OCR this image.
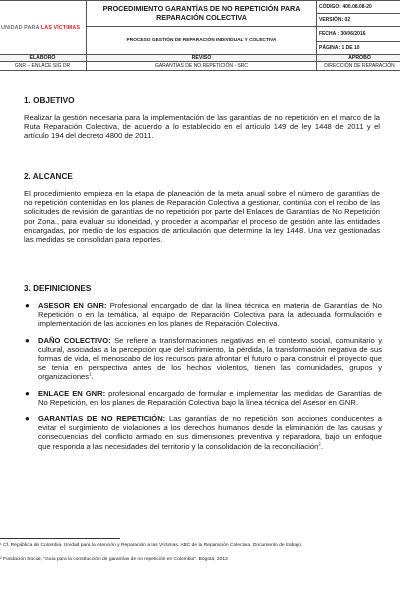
UNIDAD PARA LAS VÍCTIMAS	PROCEDIMIENTO GARANTÍAS DE NO REPETICIÓN PARA REPARACIÓN COLECTIVA	CÓDIGO: 400.08.08-20
		VERSIÓN: 02

	PROCESO GESTIÓN DE REPARACIÓN INDIVIDUAL Y COLECTIVA	FECHA : 30/06/2016
		PÁGINA: 1 DE 10
ELABORÓ	REVISÓ	APROBÓ
GNR – ENLACE SIG DR	GARANTÍAS DE NO REPETICIÓN - SRC	DIRECCIÓN DE REPARACIÓN
1. OBJETIVO

Realizar la gestión necesaria para la implementación de las garantías de no repetición en el marco de la Ruta Reparación Colectiva, de acuerdo a lo establecido en el artículo 149 de ley 1448 de 2011 y el artículo 194 del decreto 4800 de 2011.

2. ALCANCE

El procedimiento empieza en la etapa de planeación de la meta anual sobre el número de garantías de no repetición contenidas en los planes de Reparación Colectiva a gestionar, continúa con el recibo de las solicitudes de revisión de garantías de no repetición por parte del Enlaces de Garantías de No Repetición por Zona., para evaluar su idoneidad, y proceder a acompañar el proceso de gestión ante las entidades encargadas, por medio de los espacios de articulación que determine la ley 1448. Una vez gestionadas las medidas se consolidan para reportes.

3. DEFINICIONES
● ASESOR EN GNR: Profesional encargado de dar la línea técnica en materia de Garantías de No Repetición o en la temática, al equipo de Reparación Colectiva para la adecuada formulación e implementación de las acciones en los planes de Reparación Colectiva.
● DAÑO COLECTIVO: Se refiere a transformaciones negativas en el contexto social, comunitario y cultural, asociadas a la percepción que del sufrimiento, la pérdida, la transformación negativa de sus formas de vida, el menoscabo de los recursos para afrontar el futuro o para construir el proyecto que se tenía en perspectiva antes de los hechos violentos, tienen las comunidades, grupos y organizaciones$^1$.
● ENLACE EN GNR: profesional encargado de formular e implementar las medidas de Garantías de No Repetición, en los planes de Reparación Colectiva bajo la línea técnica del Asesor en GNR.
● GARANTÍAS DE NO REPETICIÓN: Las garantías de no repetición son acciones conducentes a evitar el surgimiento de violaciones a los derechos humanos desde la eliminación de las causas y consecuencias del conflicto armado en sus dimensiones preventiva y reparadora, bajo un enfoque que responda a las necesidades del territorio y la consolidación de la reconciliación$^2$.

¹ Cf. República de Colombia. Unidad para la Atención y Reparación a las Víctimas. ABC de la Reparación Colectiva. Documento de trabajo.

² Fundación Social, "Guía para la construcción de garantías de no repetición en Colombia". Bogotá, 2013
